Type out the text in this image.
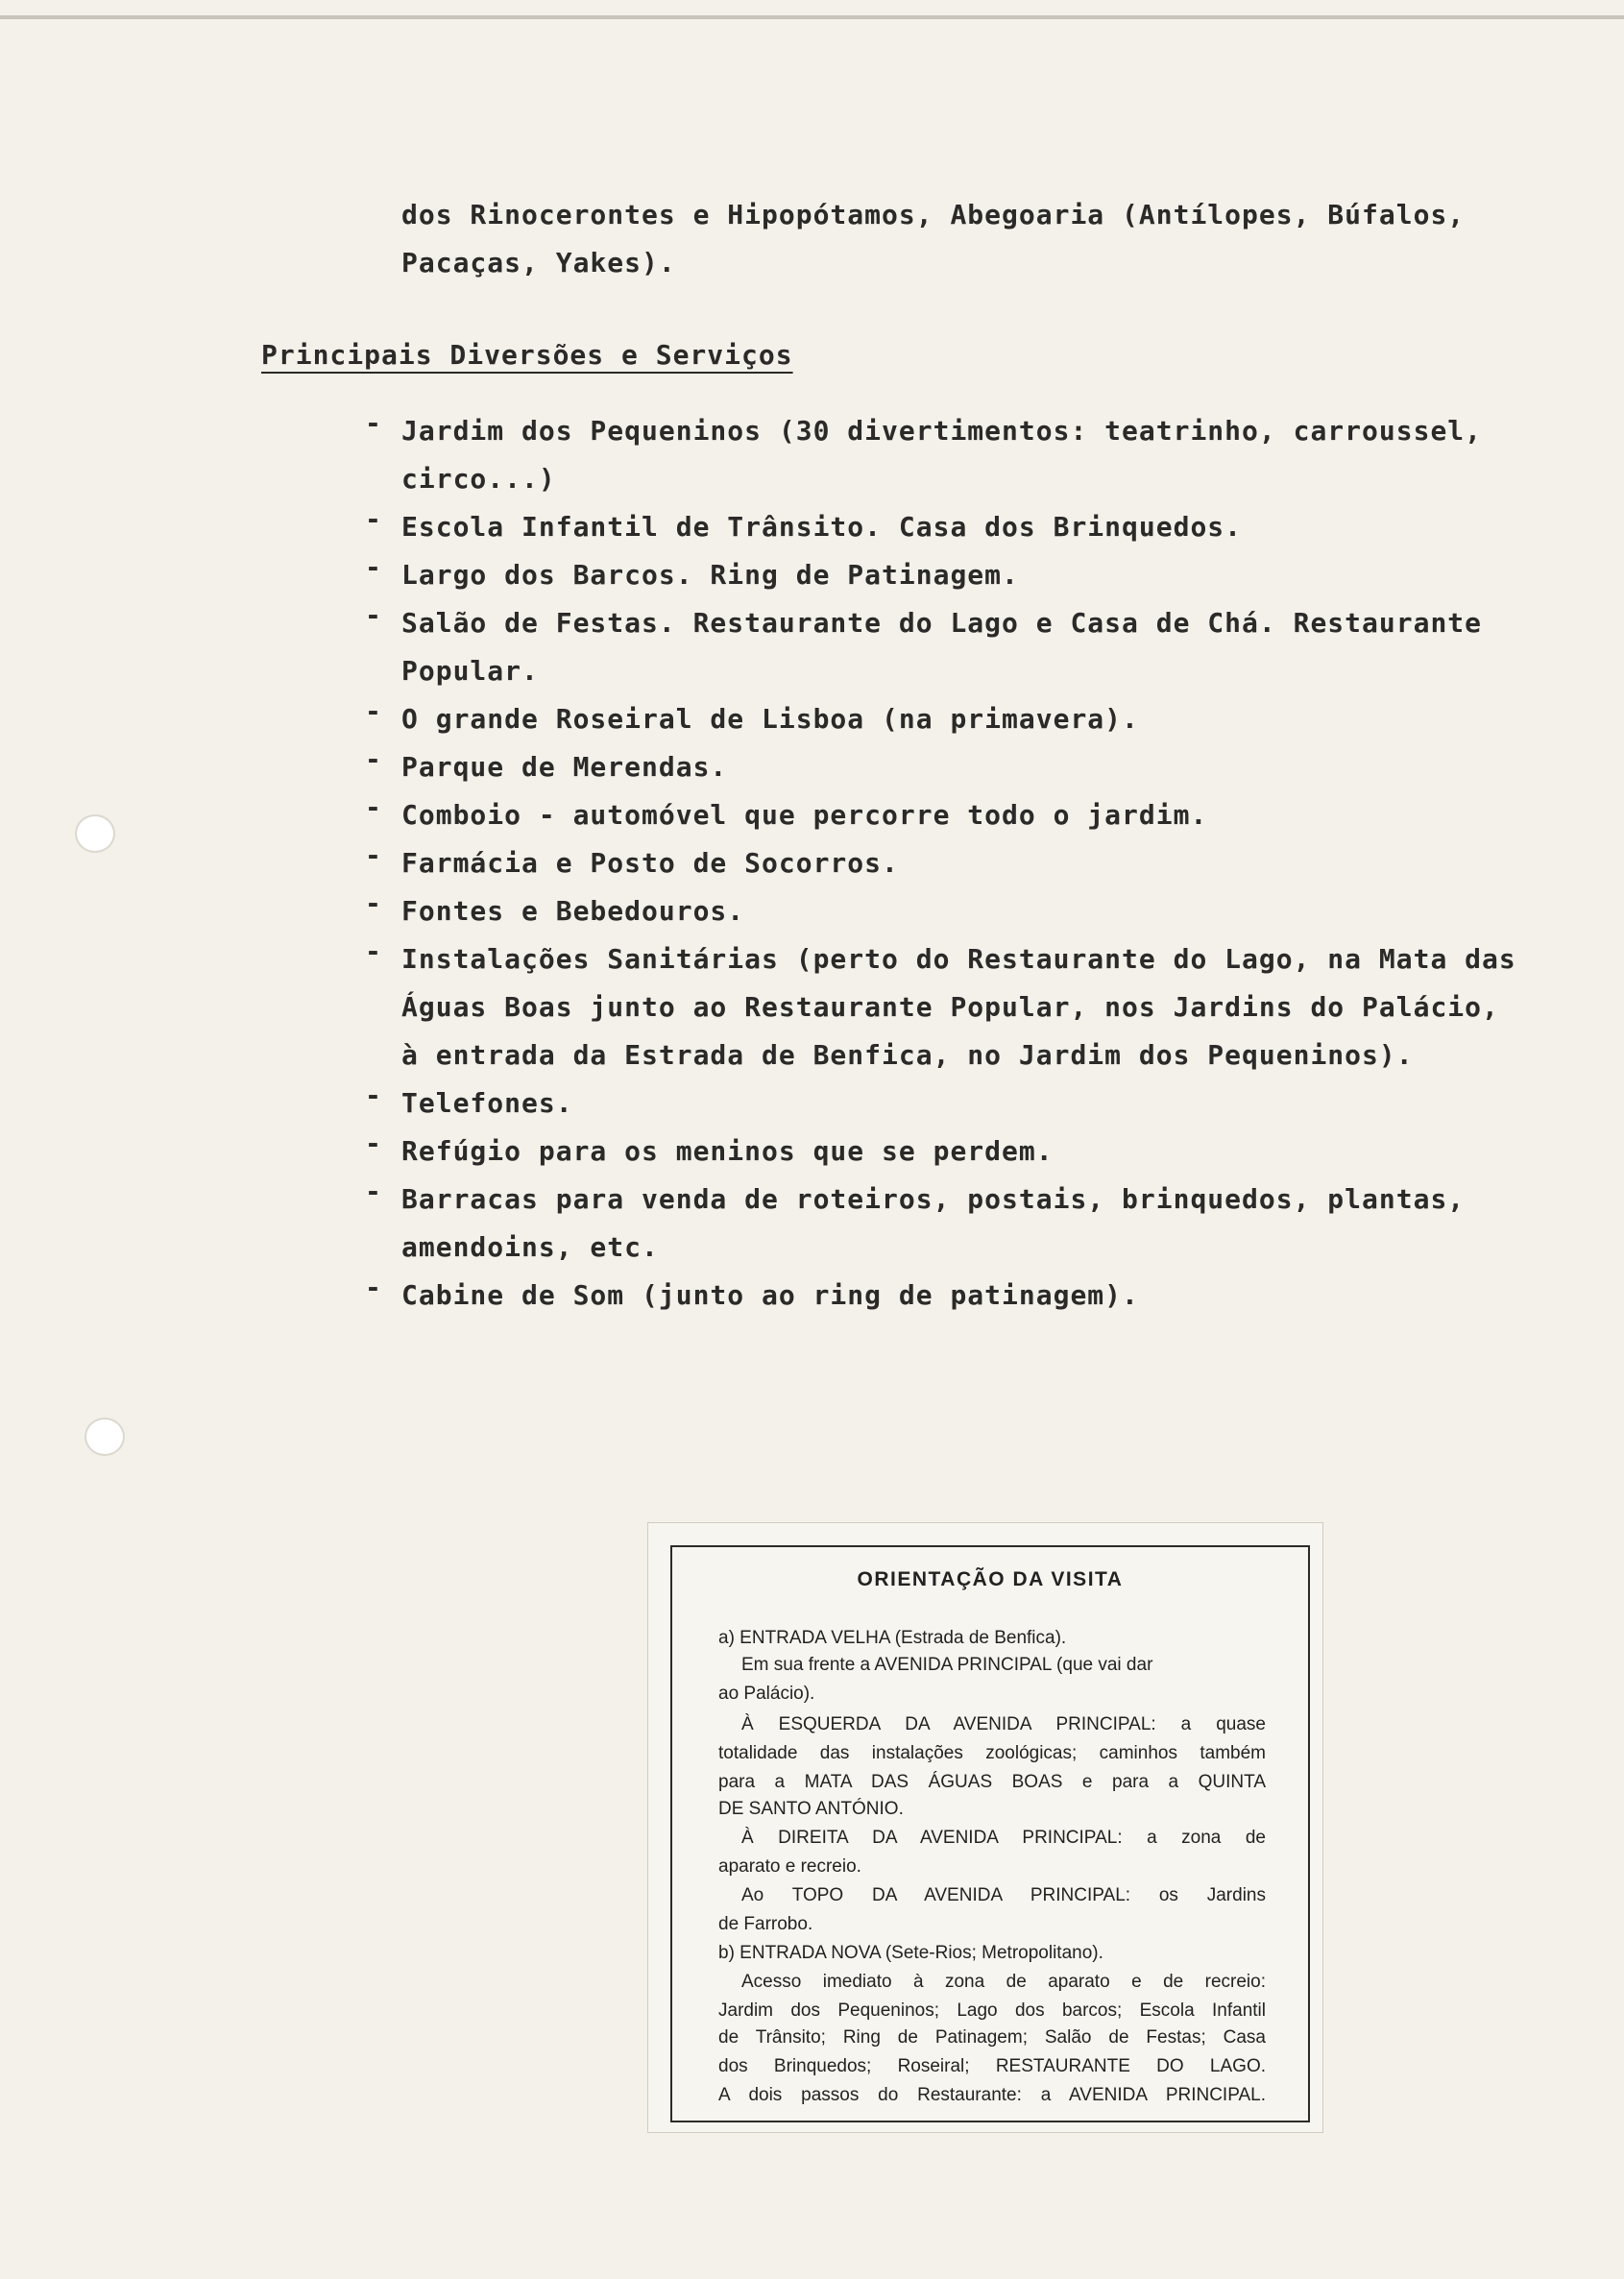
dos Rinocerontes e Hipopótamos, Abegoaria (Antílopes, Búfalos,
Pacaças, Yakes).
Principais Diversões e Serviços
- Jardim dos Pequeninos (30 divertimentos: teatrinho, carroussel,
circo...)
- Escola Infantil de Trânsito. Casa dos Brinquedos.
- Largo dos Barcos. Ring de Patinagem.
- Salão de Festas. Restaurante do Lago e Casa de Chá. Restaurante
Popular.
- O grande Roseiral de Lisboa (na primavera).
- Parque de Merendas.
- Comboio - automóvel que percorre todo o jardim.
- Farmácia e Posto de Socorros.
- Fontes e Bebedouros.
- Instalações Sanitárias (perto do Restaurante do Lago, na Mata das
Águas Boas junto ao Restaurante Popular, nos Jardins do Palácio,
à entrada da Estrada de Benfica, no Jardim dos Pequeninos).
- Telefones.
- Refúgio para os meninos que se perdem.
- Barracas para venda de roteiros, postais, brinquedos, plantas,
amendoins, etc.
- Cabine de Som (junto ao ring de patinagem).
ORIENTAÇÃO DA VISITA
a) ENTRADA VELHA (Estrada de Benfica).
Em sua frente a AVENIDA PRINCIPAL (que vai dar
ao Palácio).
À ESQUERDA DA AVENIDA PRINCIPAL: a quase
totalidade das instalações zoológicas; caminhos também
para a MATA DAS ÁGUAS BOAS e para a QUINTA
DE SANTO ANTÓNIO.
À DIREITA DA AVENIDA PRINCIPAL: a zona de
aparato e recreio.
Ao TOPO DA AVENIDA PRINCIPAL: os Jardins
de Farrobo.
b) ENTRADA NOVA (Sete-Rios; Metropolitano).
Acesso imediato à zona de aparato e de recreio:
Jardim dos Pequeninos; Lago dos barcos; Escola Infantil
de Trânsito; Ring de Patinagem; Salão de Festas; Casa
dos Brinquedos; Roseiral; RESTAURANTE DO LAGO.
A dois passos do Restaurante: a AVENIDA PRINCIPAL.
